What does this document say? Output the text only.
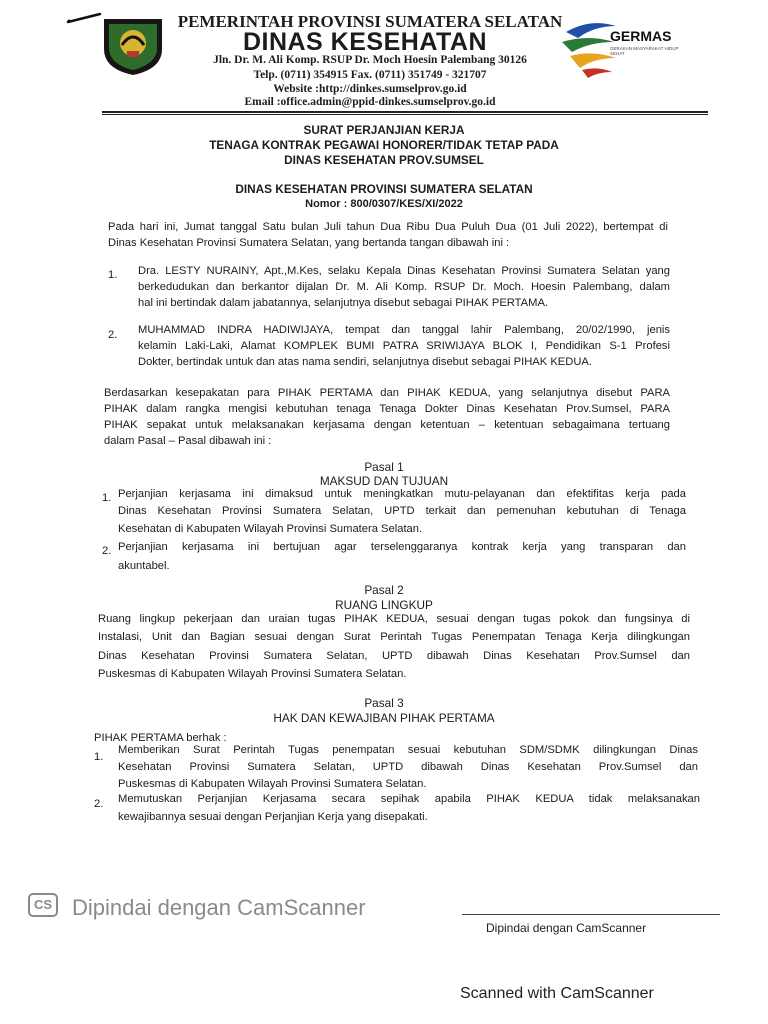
PEMERINTAH PROVINSI SUMATERA SELATAN
DINAS KESEHATAN
Jln. Dr. M. Ali Komp. RSUP Dr. Moch Hoesin Palembang 30126
Telp. (0711) 354915 Fax. (0711) 351749 - 321707
Website :http://dinkes.sumselprov.go.id
Email :office.admin@ppid-dinkes.sumselprov.go.id
GERMAS
GERAKAN MASYARAKAT HIDUP SEHAT
SURAT PERJANJIAN KERJA
TENAGA KONTRAK PEGAWAI HONORER/TIDAK TETAP PADA
DINAS KESEHATAN PROV.SUMSEL
DINAS KESEHATAN PROVINSI SUMATERA SELATAN
Nomor : 800/0307/KES/XI/2022
Pada hari ini, Jumat tanggal Satu bulan Juli tahun Dua Ribu Dua Puluh Dua (01 Juli 2022), bertempat di
Dinas Kesehatan Provinsi Sumatera Selatan, yang bertanda tangan dibawah ini :
1. Dra. LESTY NURAINY, Apt.,M.Kes, selaku Kepala Dinas Kesehatan Provinsi Sumatera Selatan yang
berkedudukan dan berkantor dijalan Dr. M. Ali Komp. RSUP Dr. Moch. Hoesin Palembang, dalam
hal ini bertindak dalam jabatannya, selanjutnya disebut sebagai PIHAK PERTAMA.
2. MUHAMMAD INDRA HADIWIJAYA, tempat dan tanggal lahir Palembang, 20/02/1990, jenis
kelamin Laki-Laki, Alamat KOMPLEK BUMI PATRA SRIWIJAYA BLOK I, Pendidikan S-1 Profesi
Dokter, bertindak untuk dan atas nama sendiri, selanjutnya disebut sebagai PIHAK KEDUA.
Berdasarkan kesepakatan para PIHAK PERTAMA dan PIHAK KEDUA, yang selanjutnya disebut PARA
PIHAK dalam rangka mengisi kebutuhan tenaga Tenaga Dokter Dinas Kesehatan Prov.Sumsel, PARA
PIHAK sepakat untuk melaksanakan kerjasama dengan ketentuan – ketentuan sebagaimana tertuang
dalam Pasal – Pasal dibawah ini :
Pasal 1
MAKSUD DAN TUJUAN
1. Perjanjian kerjasama ini dimaksud untuk meningkatkan mutu-pelayanan dan efektifitas kerja pada
Dinas Kesehatan Provinsi Sumatera Selatan, UPTD terkait dan pemenuhan kebutuhan di Tenaga
Kesehatan di Kabupaten Wilayah Provinsi Sumatera Selatan.
2. Perjanjian kerjasama ini bertujuan agar terselenggaranya kontrak kerja yang transparan dan
akuntabel.
Pasal 2
RUANG LINGKUP
Ruang lingkup pekerjaan dan uraian tugas PIHAK KEDUA, sesuai dengan tugas pokok dan fungsinya di
Instalasi, Unit dan Bagian sesuai dengan Surat Perintah Tugas Penempatan Tenaga Kerja dilingkungan
Dinas Kesehatan Provinsi Sumatera Selatan, UPTD dibawah Dinas Kesehatan Prov.Sumsel dan
Puskesmas di Kabupaten Wilayah Provinsi Sumatera Selatan.
Pasal 3
HAK DAN KEWAJIBAN PIHAK PERTAMA
PIHAK PERTAMA berhak :
1.
Memberikan Surat Perintah Tugas penempatan sesuai kebutuhan SDM/SDMK dilingkungan Dinas
Kesehatan Provinsi Sumatera Selatan, UPTD dibawah Dinas Kesehatan Prov.Sumsel dan
Puskesmas di Kabupaten Wilayah Provinsi Sumatera Selatan.
2. Memutuskan Perjanjian Kerjasama secara sepihak apabila PIHAK KEDUA tidak melaksanakan
kewajibannya sesuai dengan Perjanjian Kerja yang disepakati.
CS Dipindai dengan CamScanner
Dipindai dengan CamScanner
Scanned with CamScanner
